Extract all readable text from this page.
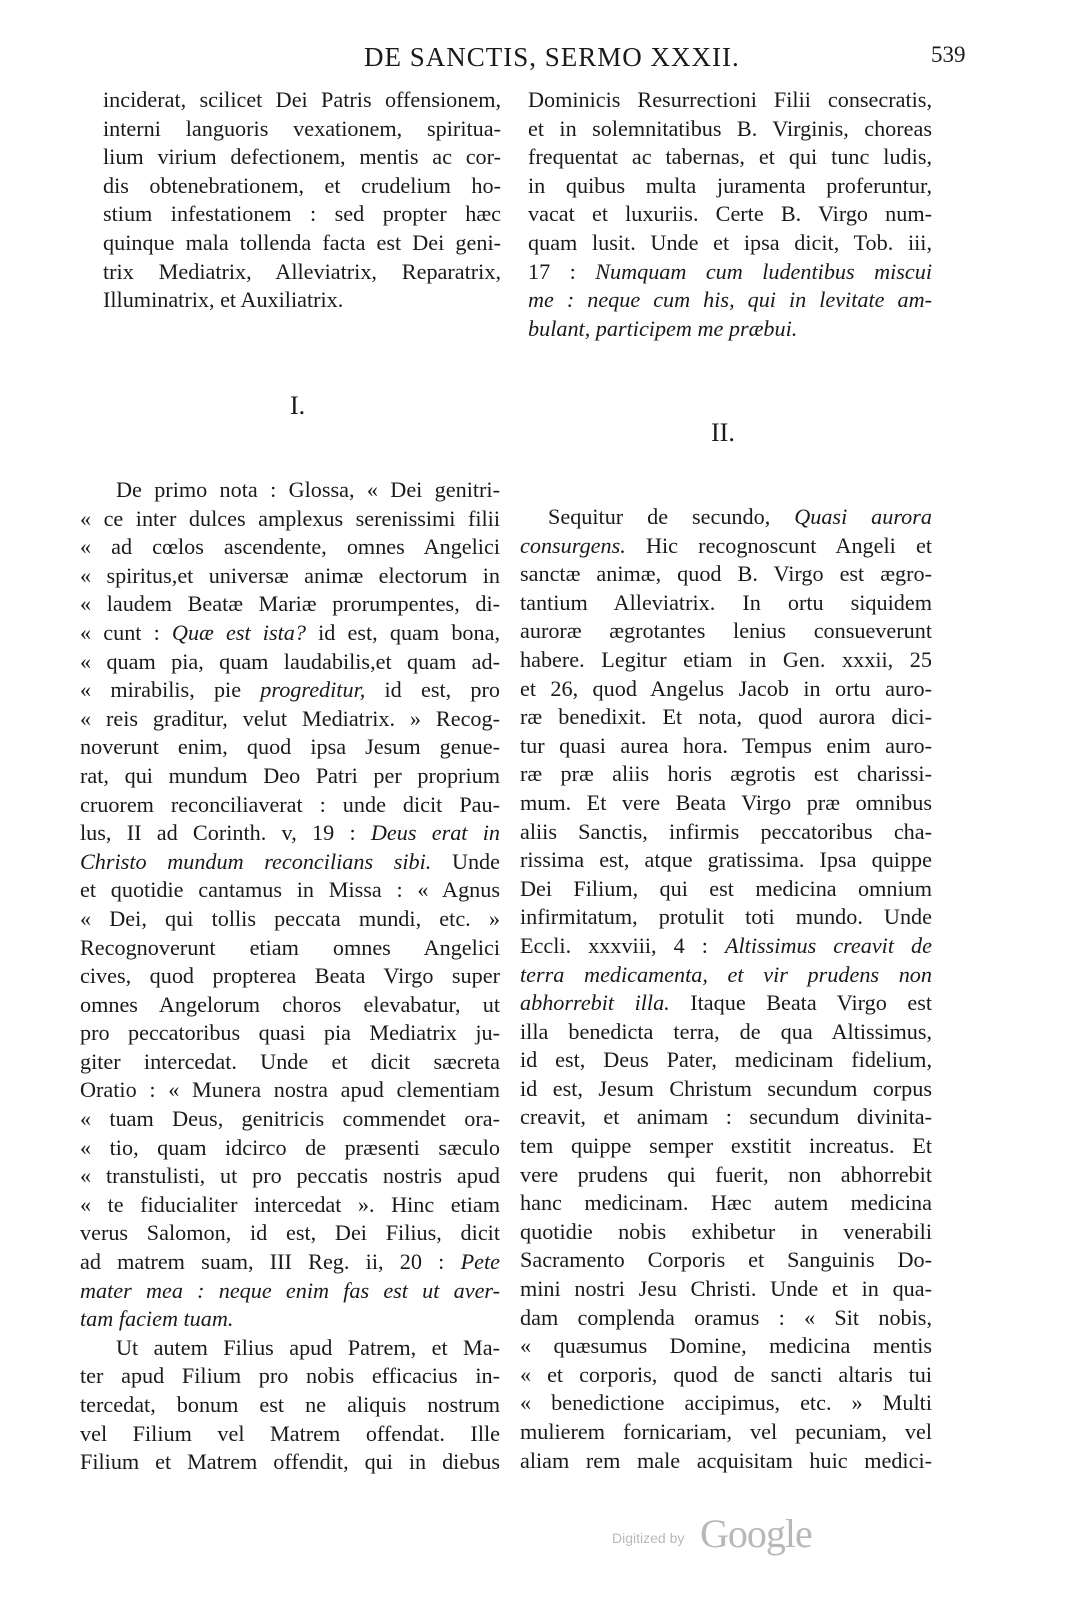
DE SANCTIS, SERMO XXXII.	539
inciderat, scilicet Dei Patris offensionem,
interni languoris vexationem, spiritua-
lium virium defectionem, mentis ac cor-
dis obtenebrationem, et crudelium ho-
stium infestationem : sed propter hæc
quinque mala tollenda facta est Dei geni-
trix Mediatrix, Alleviatrix, Reparatrix,
Illuminatrix, et Auxiliatrix.
Dominicis Resurrectioni Filii consecratis,
et in solemnitatibus B. Virginis, choreas
frequentat ac tabernas, et qui tunc ludis,
in quibus multa juramenta proferuntur,
vacat et luxuriis. Certe B. Virgo num-
quam lusit. Unde et ipsa dicit, Tob. iii,
17 : Numquam cum ludentibus miscui
me : neque cum his, qui in levitate am-
bulant, participem me præbui.
I.
II.
De primo nota : Glossa, « Dei genitri-
« ce inter dulces amplexus serenissimi filii
« ad cœlos ascendente, omnes Angelici
« spiritus,et universæ animæ electorum in
« laudem Beatæ Mariæ prorumpentes, di-
« cunt : Quæ est ista? id est, quam bona,
« quam pia, quam laudabilis,et quam ad-
« mirabilis, pie progreditur, id est, pro
« reis graditur, velut Mediatrix. » Recog-
noverunt enim, quod ipsa Jesum genue-
rat, qui mundum Deo Patri per proprium
cruorem reconciliaverat : unde dicit Pau-
lus, II ad Corinth. v, 19 : Deus erat in
Christo mundum reconcilians sibi. Unde
et quotidie cantamus in Missa : « Agnus
« Dei, qui tollis peccata mundi, etc. »
Recognoverunt etiam omnes Angelici
cives, quod propterea Beata Virgo super
omnes Angelorum choros elevabatur, ut
pro peccatoribus quasi pia Mediatrix ju-
giter intercedat. Unde et dicit sæcreta
Oratio : « Munera nostra apud clementiam
« tuam Deus, genitricis commendet ora-
« tio, quam idcirco de præsenti sæculo
« transtulisti, ut pro peccatis nostris apud
« te fiducialiter intercedat ». Hinc etiam
verus Salomon, id est, Dei Filius, dicit
ad matrem suam, III Reg. ii, 20 : Pete
mater mea : neque enim fas est ut aver-
tam faciem tuam.
Ut autem Filius apud Patrem, et Ma-
ter apud Filium pro nobis efficacius in-
tercedat, bonum est ne aliquis nostrum
vel Filium vel Matrem offendat. Ille
Filium et Matrem offendit, qui in diebus
Sequitur de secundo, Quasi aurora
consurgens. Hic recognoscunt Angeli et
sanctæ animæ, quod B. Virgo est ægro-
tantium Alleviatrix. In ortu siquidem
auroræ ægrotantes lenius consueverunt
habere. Legitur etiam in Gen. xxxii, 25
et 26, quod Angelus Jacob in ortu auro-
ræ benedixit. Et nota, quod aurora dici-
tur quasi aurea hora. Tempus enim auro-
ræ præ aliis horis ægrotis est charissi-
mum. Et vere Beata Virgo præ omnibus
aliis Sanctis, infirmis peccatoribus cha-
rissima est, atque gratissima. Ipsa quippe
Dei Filium, qui est medicina omnium
infirmitatum, protulit toti mundo. Unde
Eccli. xxxviii, 4 : Altissimus creavit de
terra medicamenta, et vir prudens non
abhorrebit illa. Itaque Beata Virgo est
illa benedicta terra, de qua Altissimus,
id est, Deus Pater, medicinam fidelium,
id est, Jesum Christum secundum corpus
creavit, et animam : secundum divinita-
tem quippe semper exstitit increatus. Et
vere prudens qui fuerit, non abhorrebit
hanc medicinam. Hæc autem medicina
quotidie nobis exhibetur in venerabili
Sacramento Corporis et Sanguinis Do-
mini nostri Jesu Christi. Unde et in qua-
dam complenda oramus : « Sit nobis,
« quæsumus Domine, medicina mentis
« et corporis, quod de sancti altaris tui
« benedictione accipimus, etc. » Multi
mulierem fornicariam, vel pecuniam, vel
aliam rem male acquisitam huic medici-
Digitized by Google
